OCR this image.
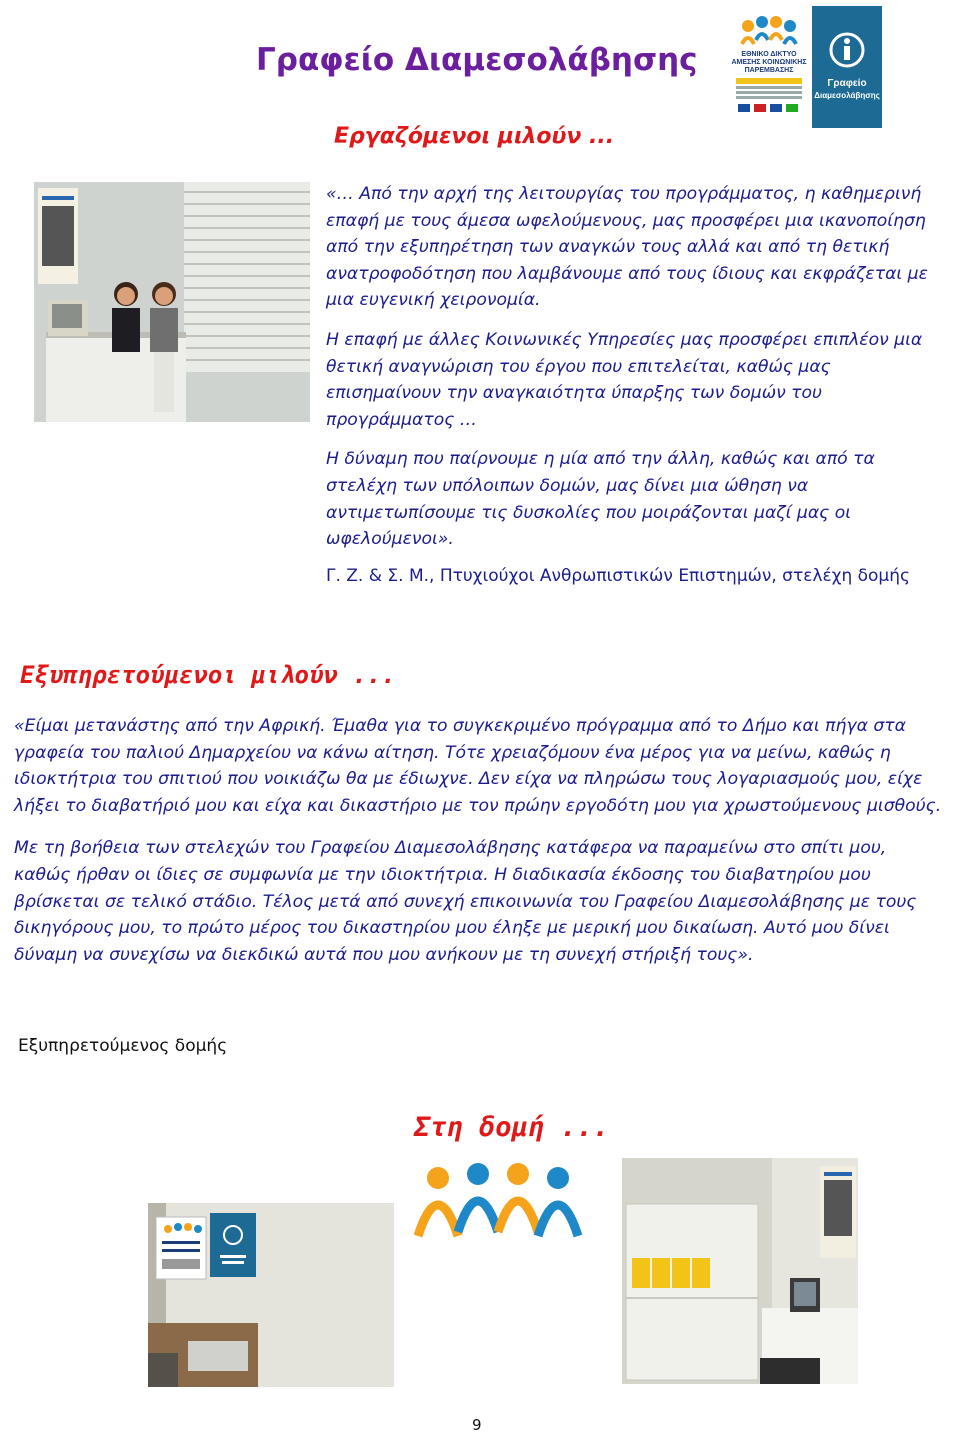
Γραφείο Διαμεσολάβησης	ΕΘΝΙΚΟ ΔΙΚΤΥΟ
ΑΜΕΣΗΣ ΚΟΙΝΩΝΙΚΗΣ
ΠΑΡΕΜΒΑΣΗΣ
Γραφείο
Διαμεσολάβησης
Εργαζόμενοι μιλούν ...

«… Από την αρχή της λειτουργίας του προγράμματος, η καθημερινή επαφή με τους άμεσα ωφελούμενους, μας προσφέρει μια ικανοποίηση από την εξυπηρέτηση των αναγκών τους αλλά και από τη θετική ανατροφοδότηση που λαμβάνουμε από τους ίδιους και εκφράζεται με μια ευγενική χειρονομία.

Η επαφή με άλλες Κοινωνικές Υπηρεσίες μας προσφέρει επιπλέον μια θετική αναγνώριση του έργου που επιτελείται, καθώς μας επισημαίνουν την αναγκαιότητα ύπαρξης των δομών του προγράμματος …

Η δύναμη που παίρνουμε η μία από την άλλη, καθώς και από τα στελέχη των υπόλοιπων δομών, μας δίνει μια ώθηση να αντιμετωπίσουμε τις δυσκολίες που μοιράζονται μαζί μας οι ωφελούμενοι».

Γ. Ζ. & Σ. Μ., Πτυχιούχοι Ανθρωπιστικών Επιστημών, στελέχη δομής
Εξυπηρετούμενοι μιλούν ...

«Είμαι μετανάστης από την Αφρική. Έμαθα για το συγκεκριμένο πρόγραμμα από το Δήμο και πήγα στα γραφεία του παλιού Δημαρχείου να κάνω αίτηση. Τότε χρειαζόμουν ένα μέρος για να μείνω, καθώς η ιδιοκτήτρια του σπιτιού που νοικιάζω θα με έδιωχνε. Δεν είχα να πληρώσω τους λογαριασμούς μου, είχε λήξει το διαβατήριό μου και είχα και δικαστήριο με τον πρώην εργοδότη μου για χρωστούμενους μισθούς.

Με τη βοήθεια των στελεχών του Γραφείου Διαμεσολάβησης κατάφερα να παραμείνω στο σπίτι μου, καθώς ήρθαν οι ίδιες σε συμφωνία με την ιδιοκτήτρια. Η διαδικασία έκδοσης του διαβατηρίου μου βρίσκεται σε τελικό στάδιο. Τέλος μετά από συνεχή επικοινωνία του Γραφείου Διαμεσολάβησης με τους δικηγόρους μου, το πρώτο μέρος του δικαστηρίου μου έληξε με μερική μου δικαίωση. Αυτό μου δίνει δύναμη να συνεχίσω να διεκδικώ αυτά που μου ανήκουν με τη συνεχή στήριξή τους».

Εξυπηρετούμενος δομής
Στη δομή ...
9
